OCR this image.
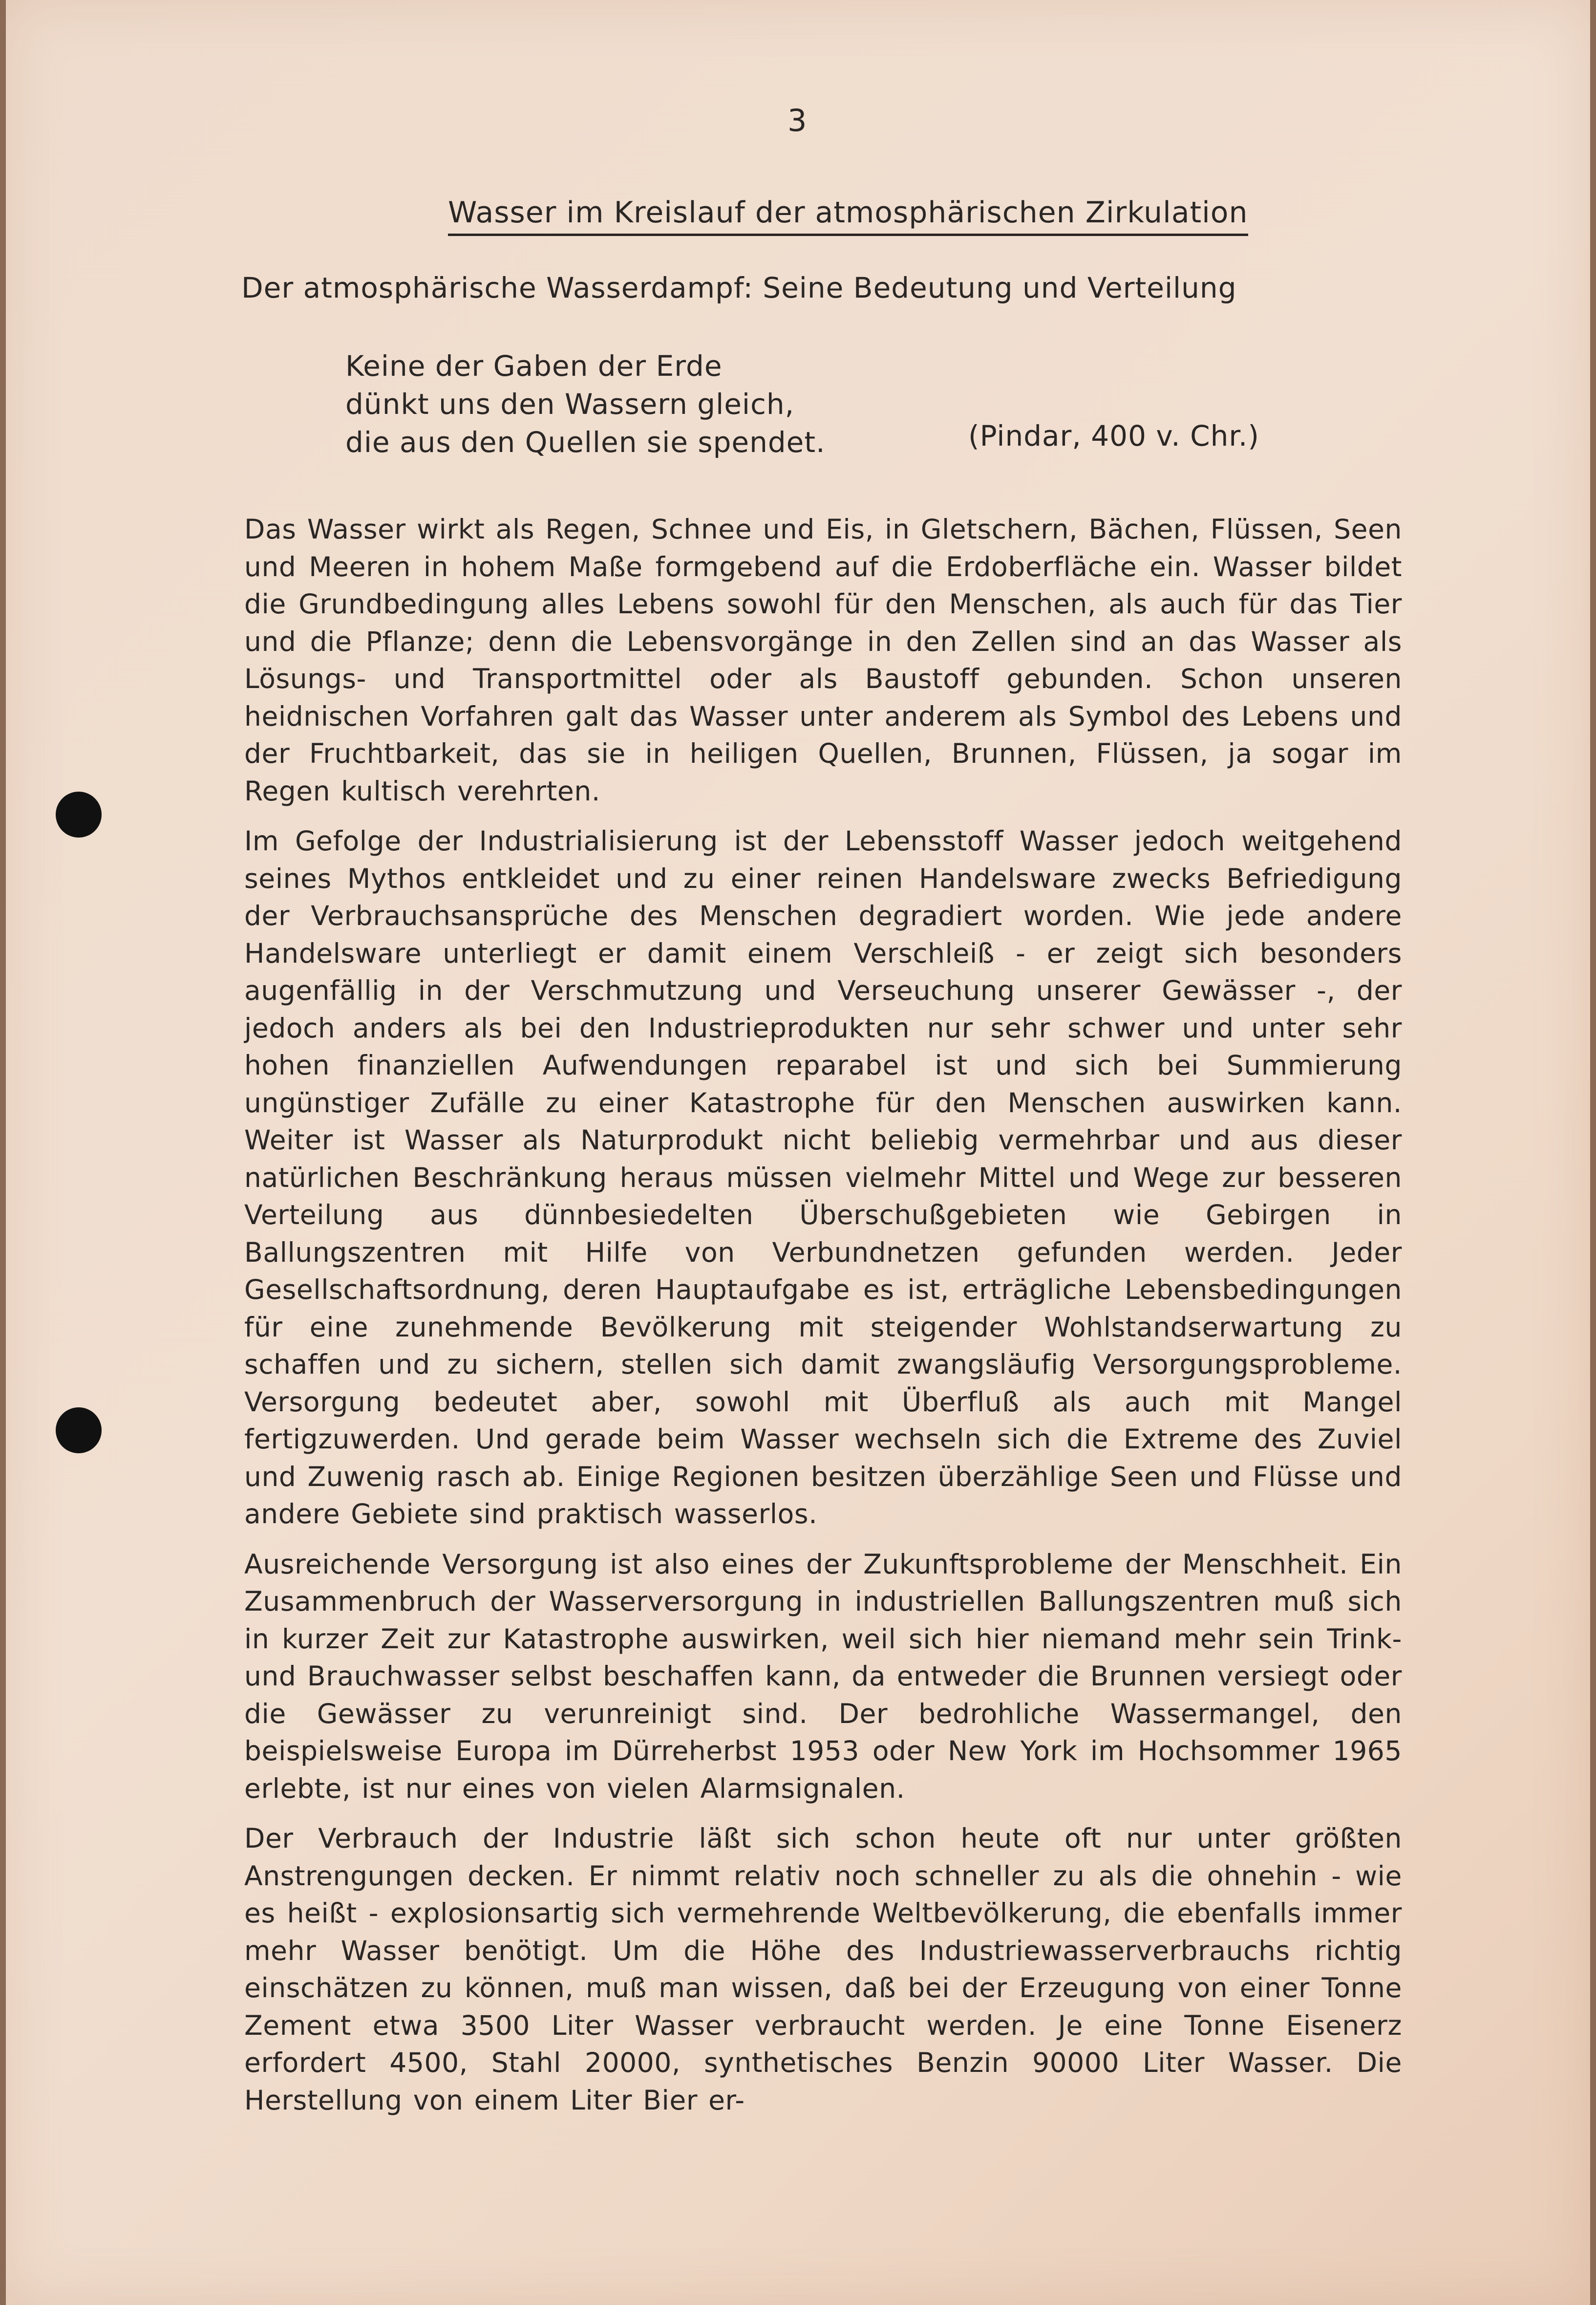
3
Wasser im Kreislauf der atmosphärischen Zirkulation
Der atmosphärische Wasserdampf: Seine Bedeutung und Verteilung
Keine der Gaben der Erde
dünkt uns den Wassern gleich,
die aus den Quellen sie spendet.	(Pindar, 400 v. Chr.)

Das Wasser wirkt als Regen, Schnee und Eis, in Gletschern, Bächen, Flüssen, Seen und Meeren in hohem Maße formgebend auf die Erdoberfläche ein. Wasser bildet die Grundbedingung alles Lebens sowohl für den Menschen, als auch für das Tier und die Pflanze; denn die Lebensvorgänge in den Zellen sind an das Wasser als Lösungs- und Transportmittel oder als Baustoff gebunden. Schon unseren heidnischen Vorfahren galt das Wasser unter anderem als Symbol des Lebens und der Fruchtbarkeit, das sie in heiligen Quellen, Brunnen, Flüssen, ja sogar im Regen kultisch verehrten.

Im Gefolge der Industrialisierung ist der Lebensstoff Wasser jedoch weitgehend seines Mythos entkleidet und zu einer reinen Handelsware zwecks Befriedigung der Verbrauchsansprüche des Menschen degradiert worden. Wie jede andere Handelsware unterliegt er damit einem Verschleiß - er zeigt sich besonders augenfällig in der Verschmutzung und Verseuchung unserer Gewässer -, der jedoch anders als bei den Industrieprodukten nur sehr schwer und unter sehr hohen finanziellen Aufwendungen reparabel ist und sich bei Summierung ungünstiger Zufälle zu einer Katastrophe für den Menschen auswirken kann. Weiter ist Wasser als Naturprodukt nicht beliebig vermehrbar und aus dieser natürlichen Beschränkung heraus müssen vielmehr Mittel und Wege zur besseren Verteilung aus dünnbesiedelten Überschußgebieten wie Gebirgen in Ballungszentren mit Hilfe von Verbundnetzen gefunden werden. Jeder Gesellschaftsordnung, deren Hauptaufgabe es ist, erträgliche Lebensbedingungen für eine zunehmende Bevölkerung mit steigender Wohlstandserwartung zu schaffen und zu sichern, stellen sich damit zwangsläufig Versorgungsprobleme. Versorgung bedeutet aber, sowohl mit Überfluß als auch mit Mangel fertigzuwerden. Und gerade beim Wasser wechseln sich die Extreme des Zuviel und Zuwenig rasch ab. Einige Regionen besitzen überzählige Seen und Flüsse und andere Gebiete sind praktisch wasserlos.

Ausreichende Versorgung ist also eines der Zukunftsprobleme der Menschheit. Ein Zusammenbruch der Wasserversorgung in industriellen Ballungszentren muß sich in kurzer Zeit zur Katastrophe auswirken, weil sich hier niemand mehr sein Trink- und Brauchwasser selbst beschaffen kann, da entweder die Brunnen versiegt oder die Gewässer zu verunreinigt sind. Der bedrohliche Wassermangel, den beispielsweise Europa im Dürreherbst 1953 oder New York im Hochsommer 1965 erlebte, ist nur eines von vielen Alarmsignalen.

Der Verbrauch der Industrie läßt sich schon heute oft nur unter größten Anstrengungen decken. Er nimmt relativ noch schneller zu als die ohnehin - wie es heißt - explosionsartig sich vermehrende Weltbevölkerung, die ebenfalls immer mehr Wasser benötigt. Um die Höhe des Industriewasserverbrauchs richtig einschätzen zu können, muß man wissen, daß bei der Erzeugung von einer Tonne Zement etwa 3500 Liter Wasser verbraucht werden. Je eine Tonne Eisenerz erfordert 4500, Stahl 20000, synthetisches Benzin 90000 Liter Wasser. Die Herstellung von einem Liter Bier er-
